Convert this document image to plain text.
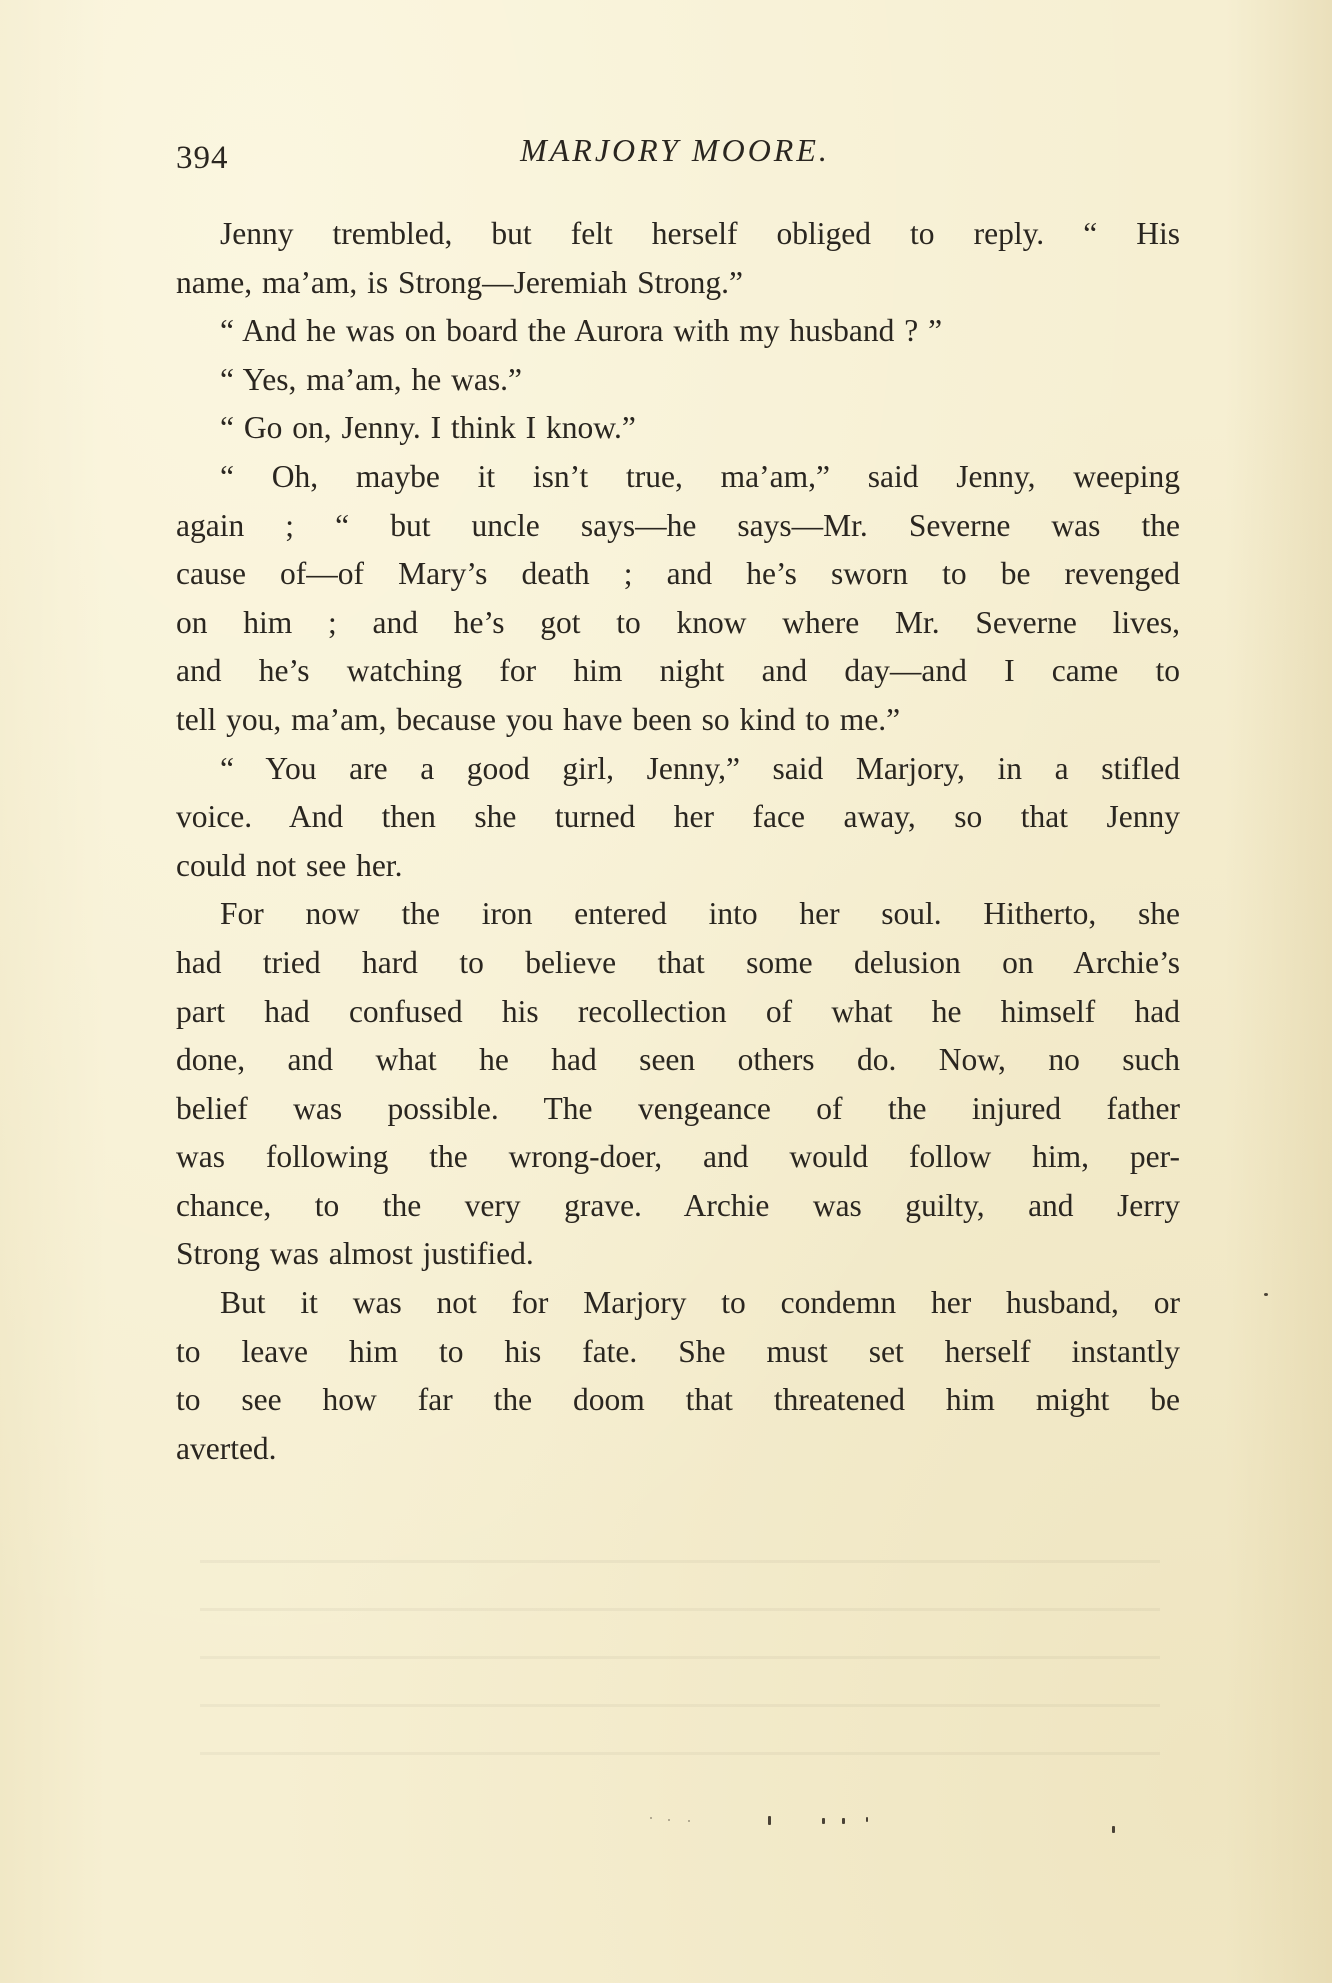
394	MARJORY MOORE.
Jenny trembled, but felt herself obliged to reply. “ His
name, ma’am, is Strong—Jeremiah Strong.”
“ And he was on board the Aurora with my husband ? ”
“ Yes, ma’am, he was.”
“ Go on, Jenny. I think I know.”
“ Oh, maybe it isn’t true, ma’am,” said Jenny, weeping
again ; “ but uncle says—he says—Mr. Severne was the
cause of—of Mary’s death ; and he’s sworn to be revenged
on him ; and he’s got to know where Mr. Severne lives,
and he’s watching for him night and day—and I came to
tell you, ma’am, because you have been so kind to me.”
“ You are a good girl, Jenny,” said Marjory, in a stifled
voice. And then she turned her face away, so that Jenny
could not see her.
For now the iron entered into her soul. Hitherto, she
had tried hard to believe that some delusion on Archie’s
part had confused his recollection of what he himself had
done, and what he had seen others do. Now, no such
belief was possible. The vengeance of the injured father
was following the wrong-doer, and would follow him, per-
chance, to the very grave. Archie was guilty, and Jerry
Strong was almost justified.
But it was not for Marjory to condemn her husband, or
to leave him to his fate. She must set herself instantly
to see how far the doom that threatened him might be
averted.
